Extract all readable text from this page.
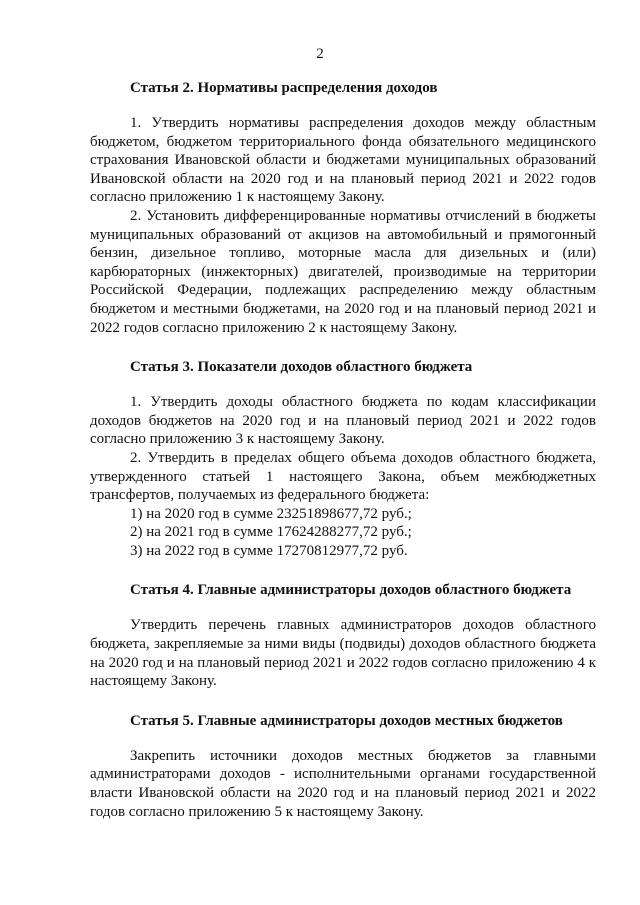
2
Статья 2. Нормативы распределения доходов

1. Утвердить нормативы распределения доходов между областным бюджетом, бюджетом территориального фонда обязательного медицинского страхования Ивановской области и бюджетами муниципальных образований Ивановской области на 2020 год и на плановый период 2021 и 2022 годов согласно приложению 1 к настоящему Закону.

2. Установить дифференцированные нормативы отчислений в бюджеты муниципальных образований от акцизов на автомобильный и прямогонный бензин, дизельное топливо, моторные масла для дизельных и (или) карбюраторных (инжекторных) двигателей, производимые на территории Российской Федерации, подлежащих распределению между областным бюджетом и местными бюджетами, на 2020 год и на плановый период 2021 и 2022 годов согласно приложению 2 к настоящему Закону.

Статья 3. Показатели доходов областного бюджета

1. Утвердить доходы областного бюджета по кодам классификации доходов бюджетов на 2020 год и на плановый период 2021 и 2022 годов согласно приложению 3 к настоящему Закону.

2. Утвердить в пределах общего объема доходов областного бюджета, утвержденного статьей 1 настоящего Закона, объем межбюджетных трансфертов, получаемых из федерального бюджета:

1) на 2020 год в сумме 23251898677,72 руб.;

2) на 2021 год в сумме 17624288277,72 руб.;

3) на 2022 год в сумме 17270812977,72 руб.

Статья 4. Главные администраторы доходов областного бюджета

Утвердить перечень главных администраторов доходов областного бюджета, закрепляемые за ними виды (подвиды) доходов областного бюджета на 2020 год и на плановый период 2021 и 2022 годов согласно приложению 4 к настоящему Закону.

Статья 5. Главные администраторы доходов местных бюджетов

Закрепить источники доходов местных бюджетов за главными администраторами доходов - исполнительными органами государственной власти Ивановской области на 2020 год и на плановый период 2021 и 2022 годов согласно приложению 5 к настоящему Закону.
